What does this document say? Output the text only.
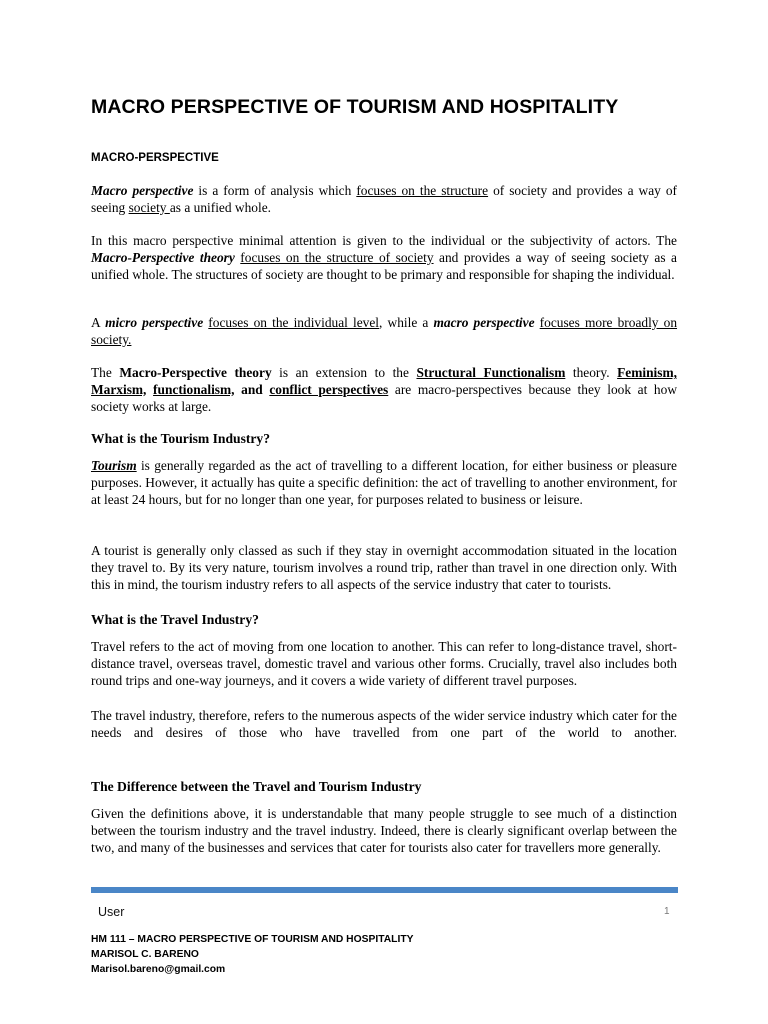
MACRO PERSPECTIVE OF TOURISM AND HOSPITALITY
MACRO-PERSPECTIVE
Macro perspective is a form of analysis which focuses on the structure of society and provides a way of seeing society as a unified whole.
In this macro perspective minimal attention is given to the individual or the subjectivity of actors. The Macro-Perspective theory focuses on the structure of society and provides a way of seeing society as a unified whole. The structures of society are thought to be primary and responsible for shaping the individual.
A micro perspective focuses on the individual level, while a macro perspective focuses more broadly on society.
The Macro-Perspective theory is an extension to the Structural Functionalism theory. Feminism, Marxism, functionalism, and conflict perspectives are macro-perspectives because they look at how society works at large.
What is the Tourism Industry?
Tourism is generally regarded as the act of travelling to a different location, for either business or pleasure purposes. However, it actually has quite a specific definition: the act of travelling to another environment, for at least 24 hours, but for no longer than one year, for purposes related to business or leisure.
A tourist is generally only classed as such if they stay in overnight accommodation situated in the location they travel to. By its very nature, tourism involves a round trip, rather than travel in one direction only. With this in mind, the tourism industry refers to all aspects of the service industry that cater to tourists.
What is the Travel Industry?
Travel refers to the act of moving from one location to another. This can refer to long-distance travel, short-distance travel, overseas travel, domestic travel and various other forms. Crucially, travel also includes both round trips and one-way journeys, and it covers a wide variety of different travel purposes.
The travel industry, therefore, refers to the numerous aspects of the wider service industry which cater for the needs and desires of those who have travelled from one part of the world to another.
The Difference between the Travel and Tourism Industry
Given the definitions above, it is understandable that many people struggle to see much of a distinction between the tourism industry and the travel industry. Indeed, there is clearly significant overlap between the two, and many of the businesses and services that cater for tourists also cater for travellers more generally.
User	1
HM 111 – MACRO PERSPECTIVE OF TOURISM AND HOSPITALITY
MARISOL C. BARENO
Marisol.bareno@gmail.com
